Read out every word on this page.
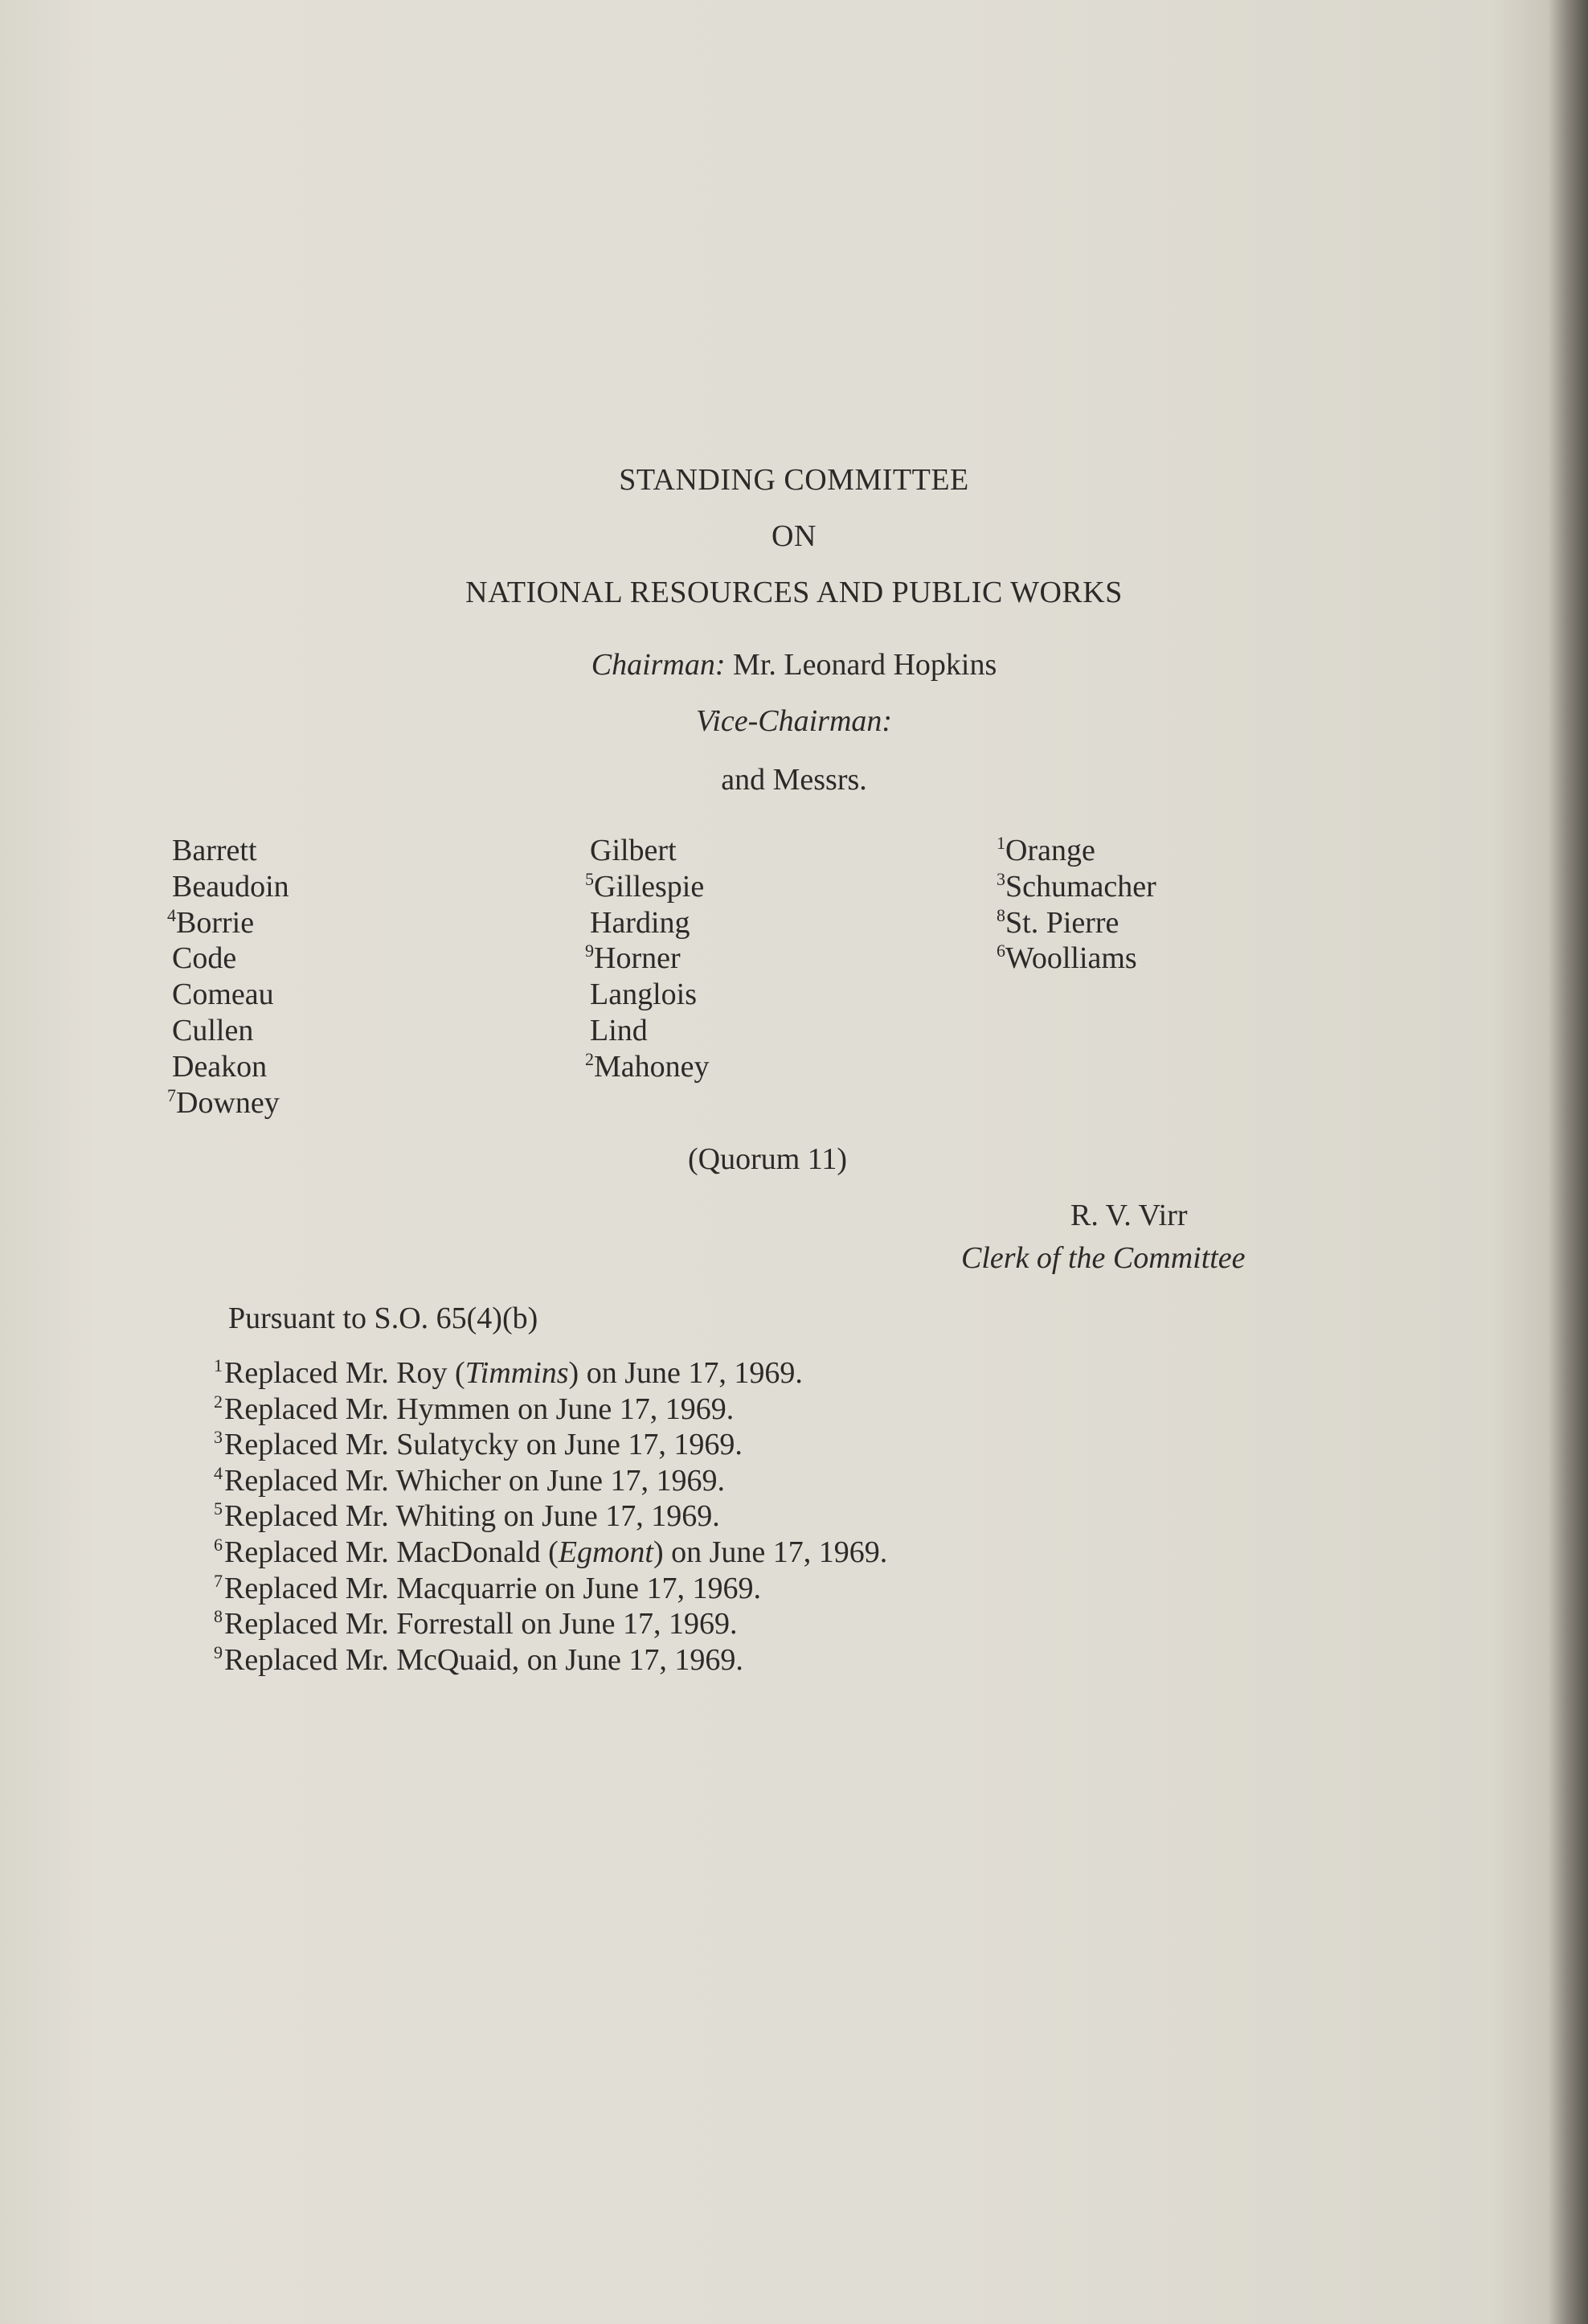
STANDING COMMITTEE
ON
NATIONAL RESOURCES AND PUBLIC WORKS
Chairman: Mr. Leonard Hopkins
Vice-Chairman:
and Messrs.
Barrett
Beaudoin
$^4$Borrie
Code
Comeau
Cullen
Deakon
$^7$Downey
Gilbert
$^5$Gillespie
Harding
$^9$Horner
Langlois
Lind
$^2$Mahoney
$^1$Orange
$^3$Schumacher
$^8$St. Pierre
$^6$Woolliams
(Quorum 11)
R. V. Virr
Clerk of the Committee
Pursuant to S.O. 65(4)(b)
$^1$Replaced Mr. Roy (Timmins) on June 17, 1969.
$^2$Replaced Mr. Hymmen on June 17, 1969.
$^3$Replaced Mr. Sulatycky on June 17, 1969.
$^4$Replaced Mr. Whicher on June 17, 1969.
$^5$Replaced Mr. Whiting on June 17, 1969.
$^6$Replaced Mr. MacDonald (Egmont) on June 17, 1969.
$^7$Replaced Mr. Macquarrie on June 17, 1969.
$^8$Replaced Mr. Forrestall on June 17, 1969.
$^9$Replaced Mr. McQuaid, on June 17, 1969.
